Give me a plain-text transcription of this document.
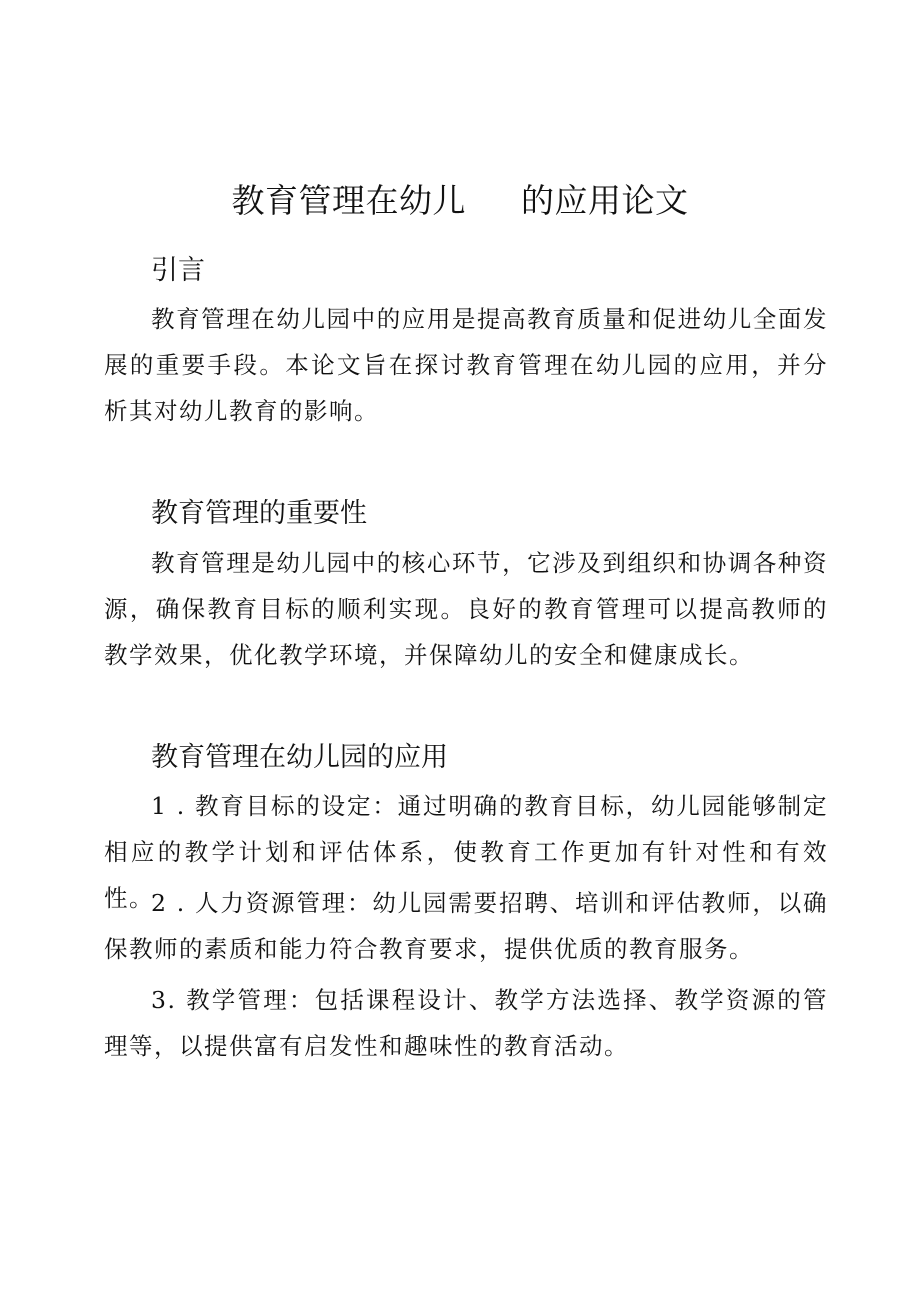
教育管理在幼儿     的应用论文
引言

教育管理在幼儿园中的应用是提高教育质量和促进幼儿全面发展的重要手段。本论文旨在探讨教育管理在幼儿园的应用，并分析其对幼儿教育的影响。

教育管理的重要性

教育管理是幼儿园中的核心环节，它涉及到组织和协调各种资源，确保教育目标的顺利实现。良好的教育管理可以提高教师的教学效果，优化教学环境，并保障幼儿的安全和健康成长。

教育管理在幼儿园的应用

1 . 教育目标的设定：通过明确的教育目标，幼儿园能够制定相应的教学计划和评估体系，使教育工作更加有针对性和有效性。

2 . 人力资源管理：幼儿园需要招聘、培训和评估教师，以确保教师的素质和能力符合教育要求，提供优质的教育服务。

3. 教学管理：包括课程设计、教学方法选择、教学资源的管理等，以提供富有启发性和趣味性的教育活动。
